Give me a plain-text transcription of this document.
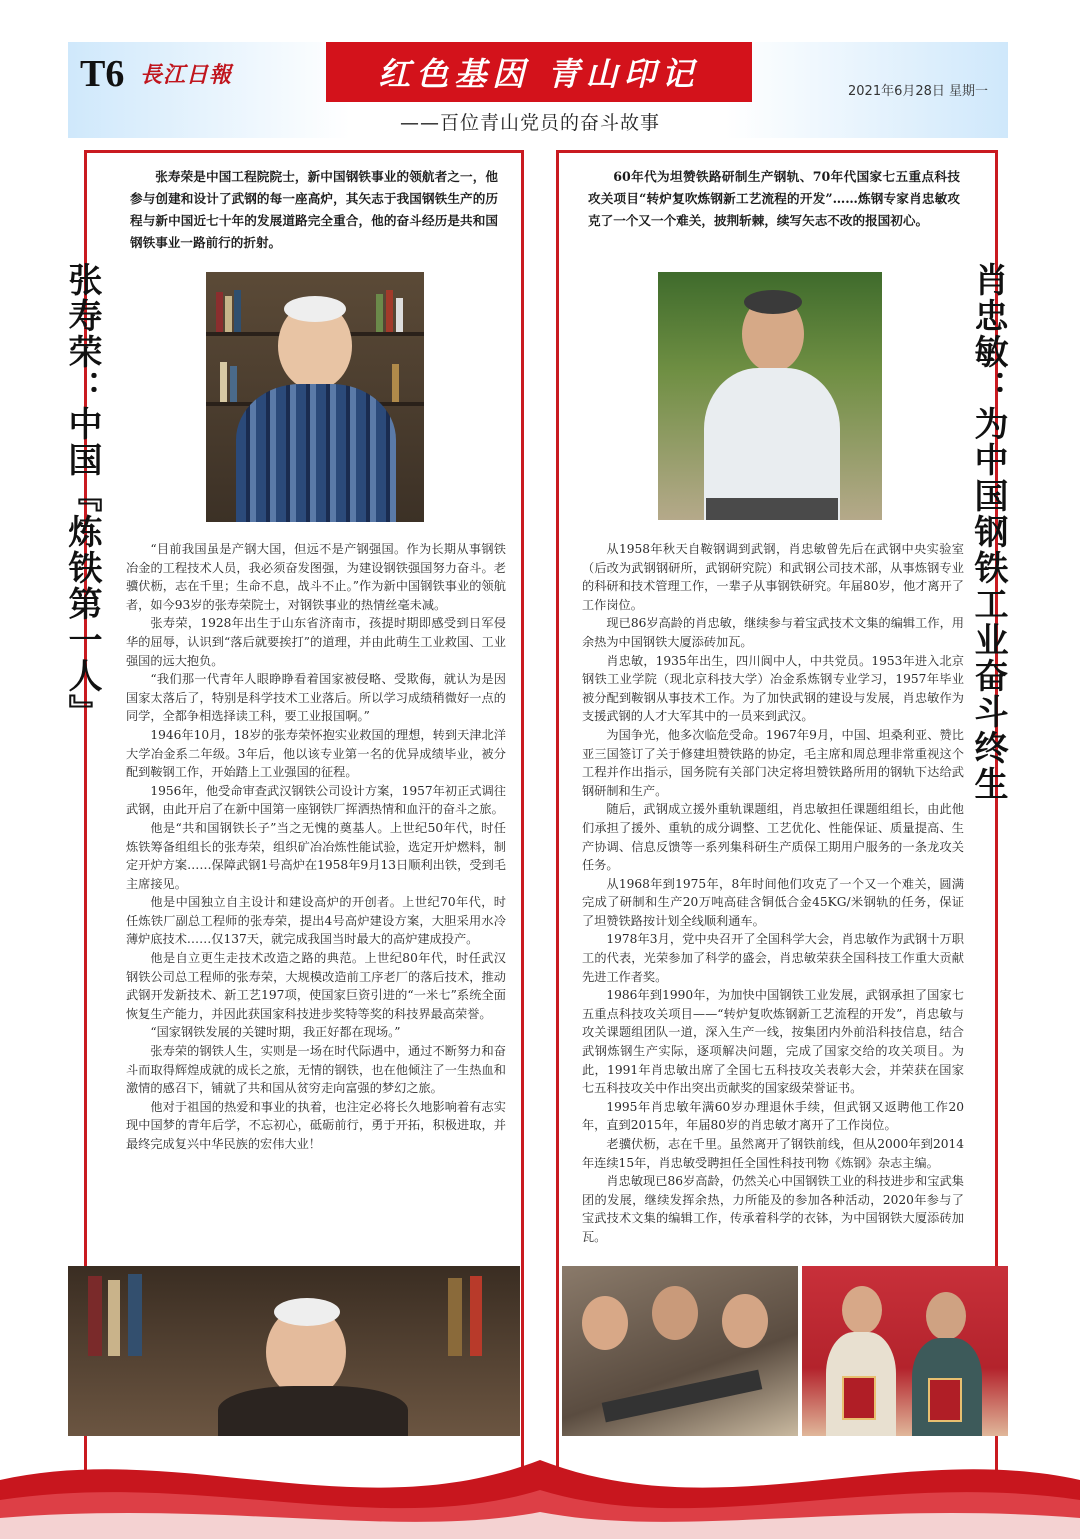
T6 長江日報	红色基因 青山印记	2021年6月28日 星期一
——百位青山党员的奋斗故事
张寿荣是中国工程院院士，新中国钢铁事业的领航者之一，他参与创建和设计了武钢的每一座高炉，其矢志于我国钢铁生产的历程与新中国近七十年的发展道路完全重合，他的奋斗经历是共和国钢铁事业一路前行的折射。
60年代为坦赞铁路研制生产钢轨、70年代国家七五重点科技攻关项目“转炉复吹炼钢新工艺流程的开发”……炼钢专家肖忠敏攻克了一个又一个难关，披荆斩棘，续写矢志不改的报国初心。
张寿荣：中国『炼铁第一人』	肖忠敏：为中国钢铁工业奋斗终生

“目前我国虽是产钢大国，但远不是产钢强国。作为长期从事钢铁冶金的工程技术人员，我必须奋发图强，为建设钢铁强国努力奋斗。老骥伏枥，志在千里；生命不息，战斗不止。”作为新中国钢铁事业的领航者，如今93岁的张寿荣院士，对钢铁事业的热情丝毫未减。

张寿荣，1928年出生于山东省济南市，孩提时期即感受到日军侵华的屈辱，认识到“落后就要挨打”的道理，并由此萌生工业救国、工业强国的远大抱负。

“我们那一代青年人眼睁睁看着国家被侵略、受欺侮，就认为是因国家太落后了，特别是科学技术工业落后。所以学习成绩稍微好一点的同学，全都争相选择读工科，要工业报国啊。”

1946年10月，18岁的张寿荣怀抱实业救国的理想，转到天津北洋大学冶金系二年级。3年后，他以该专业第一名的优异成绩毕业，被分配到鞍钢工作，开始踏上工业强国的征程。

1956年，他受命审查武汉钢铁公司设计方案，1957年初正式调往武钢，由此开启了在新中国第一座钢铁厂挥洒热情和血汗的奋斗之旅。

他是“共和国钢铁长子”当之无愧的奠基人。上世纪50年代，时任炼铁筹备组组长的张寿荣，组织矿冶冶炼性能试验，选定开炉燃料，制定开炉方案……保障武钢1号高炉在1958年9月13日顺利出铁，受到毛主席接见。

他是中国独立自主设计和建设高炉的开创者。上世纪70年代，时任炼铁厂副总工程师的张寿荣，提出4号高炉建设方案，大胆采用水冷薄炉底技术……仅137天，就完成我国当时最大的高炉建成投产。

他是自立更生走技术改造之路的典范。上世纪80年代，时任武汉钢铁公司总工程师的张寿荣，大规模改造前工序老厂的落后技术，推动武钢开发新技术、新工艺197项，使国家巨资引进的“一米七”系统全面恢复生产能力，并因此获国家科技进步奖特等奖的科技界最高荣誉。

“国家钢铁发展的关键时期，我正好都在现场。”

张寿荣的钢铁人生，实则是一场在时代际遇中，通过不断努力和奋斗而取得辉煌成就的成长之旅，无情的钢铁，也在他倾注了一生热血和激情的感召下，铺就了共和国从贫穷走向富强的梦幻之旅。

他对于祖国的热爱和事业的执着，也注定必将长久地影响着有志实现中国梦的青年后学，不忘初心，砥砺前行，勇于开拓，积极进取，并最终完成复兴中华民族的宏伟大业！

从1958年秋天自鞍钢调到武钢，肖忠敏曾先后在武钢中央实验室（后改为武钢钢研所，武钢研究院）和武钢公司技术部，从事炼钢专业的科研和技术管理工作，一辈子从事钢铁研究。年届80岁，他才离开了工作岗位。

现已86岁高龄的肖忠敏，继续参与着宝武技术文集的编辑工作，用余热为中国钢铁大厦添砖加瓦。

肖忠敏，1935年出生，四川阆中人，中共党员。1953年进入北京钢铁工业学院（现北京科技大学）冶金系炼钢专业学习，1957年毕业被分配到鞍钢从事技术工作。为了加快武钢的建设与发展，肖忠敏作为支援武钢的人才大军其中的一员来到武汉。

为国争光，他多次临危受命。1967年9月，中国、坦桑利亚、赞比亚三国签订了关于修建坦赞铁路的协定，毛主席和周总理非常重视这个工程并作出指示，国务院有关部门决定将坦赞铁路所用的钢轨下达给武钢研制和生产。

随后，武钢成立援外重轨课题组，肖忠敏担任课题组组长，由此他们承担了援外、重轨的成分调整、工艺优化、性能保证、质量提高、生产协调、信息反馈等一系列集科研生产质保工期用户服务的一条龙攻关任务。

从1968年到1975年，8年时间他们攻克了一个又一个难关，圆满完成了研制和生产20万吨高硅含铜低合金45KG/米钢轨的任务，保证了坦赞铁路按计划全线顺利通车。

1978年3月，党中央召开了全国科学大会，肖忠敏作为武钢十万职工的代表，光荣参加了科学的盛会，肖忠敏荣获全国科技工作重大贡献先进工作者奖。

1986年到1990年，为加快中国钢铁工业发展，武钢承担了国家七五重点科技攻关项目——“转炉复吹炼钢新工艺流程的开发”，肖忠敏与攻关课题组团队一道，深入生产一线，按集团内外前沿科技信息，结合武钢炼钢生产实际，逐项解决问题，完成了国家交给的攻关项目。为此，1991年肖忠敏出席了全国七五科技攻关表彰大会，并荣获在国家七五科技攻关中作出突出贡献奖的国家级荣誉证书。

1995年肖忠敏年满60岁办理退休手续，但武钢又返聘他工作20年，直到2015年，年届80岁的肖忠敏才离开了工作岗位。

老骥伏枥，志在千里。虽然离开了钢铁前线，但从2000年到2014年连续15年，肖忠敏受聘担任全国性科技刊物《炼钢》杂志主编。

肖忠敏现已86岁高龄，仍然关心中国钢铁工业的科技进步和宝武集团的发展，继续发挥余热，力所能及的参加各种活动，2020年参与了宝武技术文集的编辑工作，传承着科学的衣钵，为中国钢铁大厦添砖加瓦。
